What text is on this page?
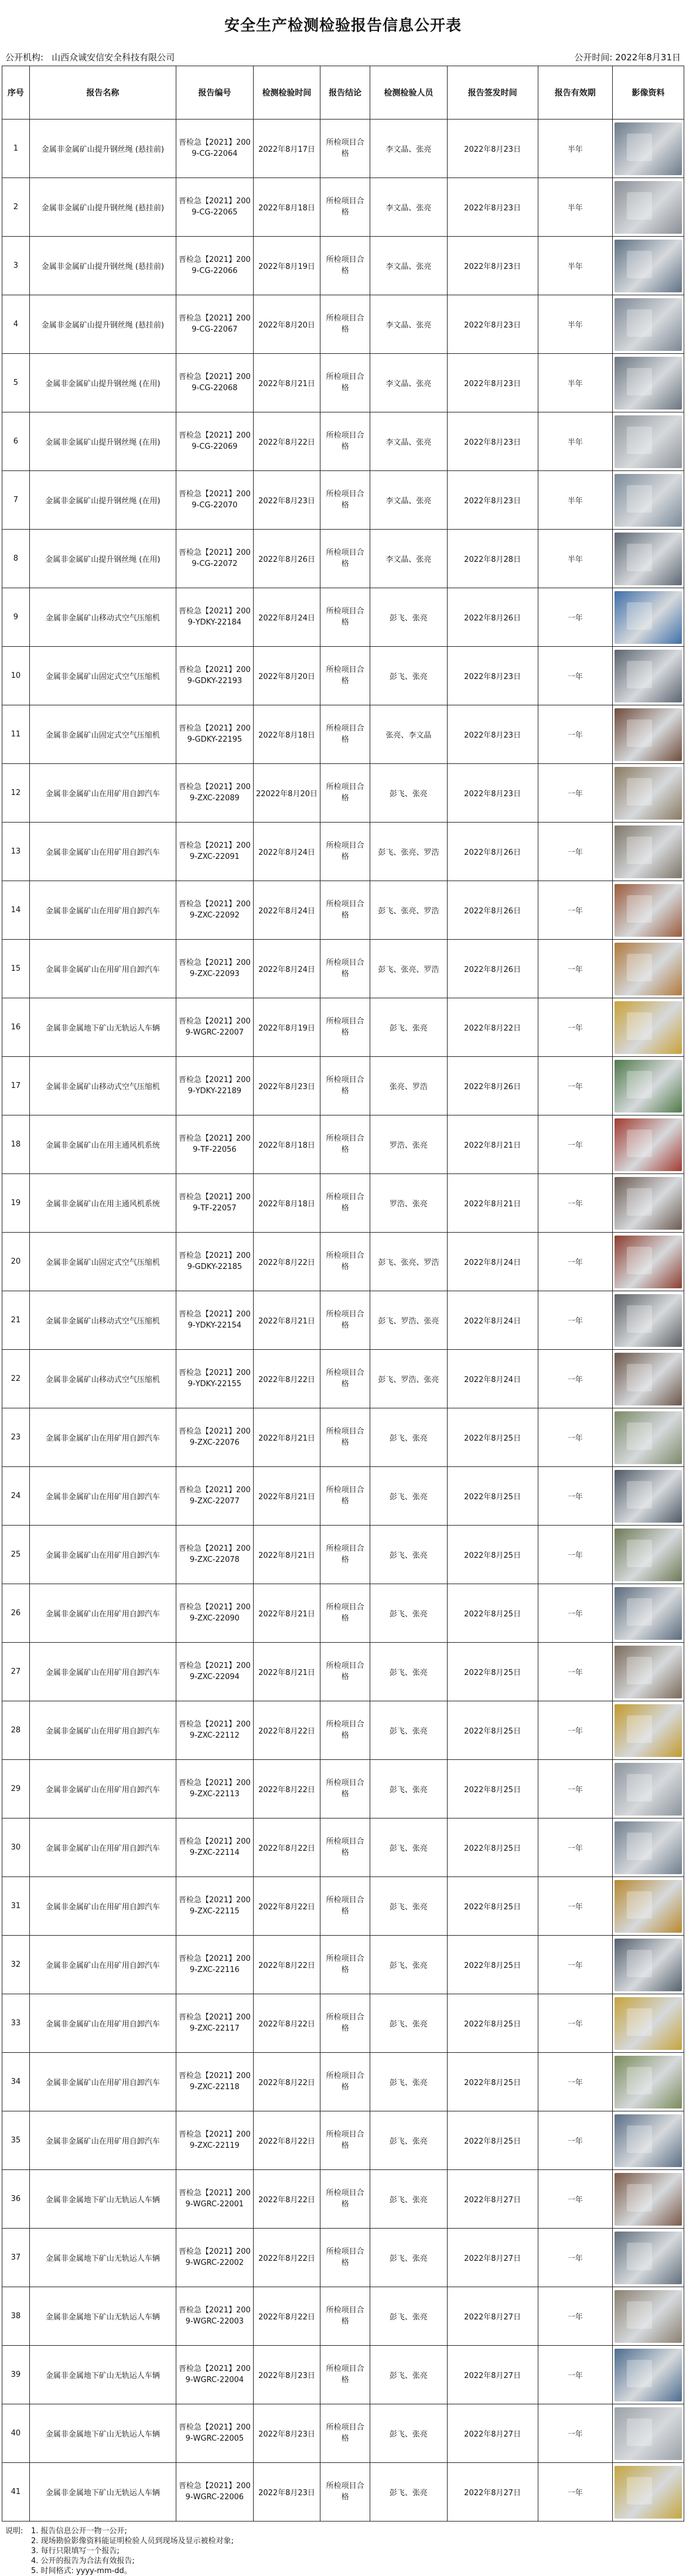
安全生产检测检验报告信息公开表
公开机构: 山西众诚安信安全科技有限公司	公开时间: 2022年8月31日
序号	报告名称	报告编号	检测检验时间	报告结论	检测检验人员	报告签发时间	报告有效期	影像资料
1	金属非金属矿山提升钢丝绳 (悬挂前)	晋检急【2021】2009-CG-22064	2022年8月17日	所检项目合格	李文晶、张亮	2022年8月23日	半年	

2	金属非金属矿山提升钢丝绳 (悬挂前)	晋检急【2021】2009-CG-22065	2022年8月18日	所检项目合格	李文晶、张亮	2022年8月23日	半年	

3	金属非金属矿山提升钢丝绳 (悬挂前)	晋检急【2021】2009-CG-22066	2022年8月19日	所检项目合格	李文晶、张亮	2022年8月23日	半年	

4	金属非金属矿山提升钢丝绳 (悬挂前)	晋检急【2021】2009-CG-22067	2022年8月20日	所检项目合格	李文晶、张亮	2022年8月23日	半年	

5	金属非金属矿山提升钢丝绳 (在用)	晋检急【2021】2009-CG-22068	2022年8月21日	所检项目合格	李文晶、张亮	2022年8月23日	半年	

6	金属非金属矿山提升钢丝绳 (在用)	晋检急【2021】2009-CG-22069	2022年8月22日	所检项目合格	李文晶、张亮	2022年8月23日	半年	

7	金属非金属矿山提升钢丝绳 (在用)	晋检急【2021】2009-CG-22070	2022年8月23日	所检项目合格	李文晶、张亮	2022年8月23日	半年	

8	金属非金属矿山提升钢丝绳 (在用)	晋检急【2021】2009-CG-22072	2022年8月26日	所检项目合格	李文晶、张亮	2022年8月28日	半年	

9	金属非金属矿山移动式空气压缩机	晋检急【2021】2009-YDKY-22184	2022年8月24日	所检项目合格	彭飞、张亮	2022年8月26日	一年	

10	金属非金属矿山固定式空气压缩机	晋检急【2021】2009-GDKY-22193	2022年8月20日	所检项目合格	彭飞、张亮	2022年8月23日	一年	

11	金属非金属矿山固定式空气压缩机	晋检急【2021】2009-GDKY-22195	2022年8月18日	所检项目合格	张亮、李文晶	2022年8月23日	一年	

12	金属非金属矿山在用矿用自卸汽车	晋检急【2021】2009-ZXC-22089	22022年8月20日	所检项目合格	彭飞、张亮	2022年8月23日	一年	

13	金属非金属矿山在用矿用自卸汽车	晋检急【2021】2009-ZXC-22091	2022年8月24日	所检项目合格	彭飞、张亮、罗浩	2022年8月26日	一年	

14	金属非金属矿山在用矿用自卸汽车	晋检急【2021】2009-ZXC-22092	2022年8月24日	所检项目合格	彭飞、张亮、罗浩	2022年8月26日	一年	

15	金属非金属矿山在用矿用自卸汽车	晋检急【2021】2009-ZXC-22093	2022年8月24日	所检项目合格	彭飞、张亮、罗浩	2022年8月26日	一年	

16	金属非金属地下矿山无轨运人车辆	晋检急【2021】2009-WGRC-22007	2022年8月19日	所检项目合格	彭飞、张亮	2022年8月22日	一年	

17	金属非金属矿山移动式空气压缩机	晋检急【2021】2009-YDKY-22189	2022年8月23日	所检项目合格	张亮、罗浩	2022年8月26日	一年	

18	金属非金属矿山在用主通风机系统	晋检急【2021】2009-TF-22056	2022年8月18日	所检项目合格	罗浩、张亮	2022年8月21日	一年	

19	金属非金属矿山在用主通风机系统	晋检急【2021】2009-TF-22057	2022年8月18日	所检项目合格	罗浩、张亮	2022年8月21日	一年	

20	金属非金属矿山固定式空气压缩机	晋检急【2021】2009-GDKY-22185	2022年8月22日	所检项目合格	彭飞、张亮、罗浩	2022年8月24日	一年	

21	金属非金属矿山移动式空气压缩机	晋检急【2021】2009-YDKY-22154	2022年8月21日	所检项目合格	彭飞、罗浩、张亮	2022年8月24日	一年	

22	金属非金属矿山移动式空气压缩机	晋检急【2021】2009-YDKY-22155	2022年8月22日	所检项目合格	彭飞、罗浩、张亮	2022年8月24日	一年	

23	金属非金属矿山在用矿用自卸汽车	晋检急【2021】2009-ZXC-22076	2022年8月21日	所检项目合格	彭飞、张亮	2022年8月25日	一年	

24	金属非金属矿山在用矿用自卸汽车	晋检急【2021】2009-ZXC-22077	2022年8月21日	所检项目合格	彭飞、张亮	2022年8月25日	一年	

25	金属非金属矿山在用矿用自卸汽车	晋检急【2021】2009-ZXC-22078	2022年8月21日	所检项目合格	彭飞、张亮	2022年8月25日	一年	

26	金属非金属矿山在用矿用自卸汽车	晋检急【2021】2009-ZXC-22090	2022年8月21日	所检项目合格	彭飞、张亮	2022年8月25日	一年	

27	金属非金属矿山在用矿用自卸汽车	晋检急【2021】2009-ZXC-22094	2022年8月21日	所检项目合格	彭飞、张亮	2022年8月25日	一年	

28	金属非金属矿山在用矿用自卸汽车	晋检急【2021】2009-ZXC-22112	2022年8月22日	所检项目合格	彭飞、张亮	2022年8月25日	一年	

29	金属非金属矿山在用矿用自卸汽车	晋检急【2021】2009-ZXC-22113	2022年8月22日	所检项目合格	彭飞、张亮	2022年8月25日	一年	

30	金属非金属矿山在用矿用自卸汽车	晋检急【2021】2009-ZXC-22114	2022年8月22日	所检项目合格	彭飞、张亮	2022年8月25日	一年	

31	金属非金属矿山在用矿用自卸汽车	晋检急【2021】2009-ZXC-22115	2022年8月22日	所检项目合格	彭飞、张亮	2022年8月25日	一年	

32	金属非金属矿山在用矿用自卸汽车	晋检急【2021】2009-ZXC-22116	2022年8月22日	所检项目合格	彭飞、张亮	2022年8月25日	一年	

33	金属非金属矿山在用矿用自卸汽车	晋检急【2021】2009-ZXC-22117	2022年8月22日	所检项目合格	彭飞、张亮	2022年8月25日	一年	

34	金属非金属矿山在用矿用自卸汽车	晋检急【2021】2009-ZXC-22118	2022年8月22日	所检项目合格	彭飞、张亮	2022年8月25日	一年	

35	金属非金属矿山在用矿用自卸汽车	晋检急【2021】2009-ZXC-22119	2022年8月22日	所检项目合格	彭飞、张亮	2022年8月25日	一年	

36	金属非金属地下矿山无轨运人车辆	晋检急【2021】2009-WGRC-22001	2022年8月22日	所检项目合格	彭飞、张亮	2022年8月27日	一年	

37	金属非金属地下矿山无轨运人车辆	晋检急【2021】2009-WGRC-22002	2022年8月22日	所检项目合格	彭飞、张亮	2022年8月27日	一年	

38	金属非金属地下矿山无轨运人车辆	晋检急【2021】2009-WGRC-22003	2022年8月22日	所检项目合格	彭飞、张亮	2022年8月27日	一年	

39	金属非金属地下矿山无轨运人车辆	晋检急【2021】2009-WGRC-22004	2022年8月23日	所检项目合格	彭飞、张亮	2022年8月27日	一年	

40	金属非金属地下矿山无轨运人车辆	晋检急【2021】2009-WGRC-22005	2022年8月23日	所检项目合格	彭飞、张亮	2022年8月27日	一年	

41	金属非金属地下矿山无轨运人车辆	晋检急【2021】2009-WGRC-22006	2022年8月23日	所检项目合格	彭飞、张亮	2022年8月27日	一年	
说明:	1. 报告信息公开一物一公开;
2. 现场勘验影像资料能证明检验人员到现场及显示被检对象;
3. 每行只限填写一个报告;
4. 公开的报告为合法有效报告;
5. 时间格式: yyyy-mm-dd。
